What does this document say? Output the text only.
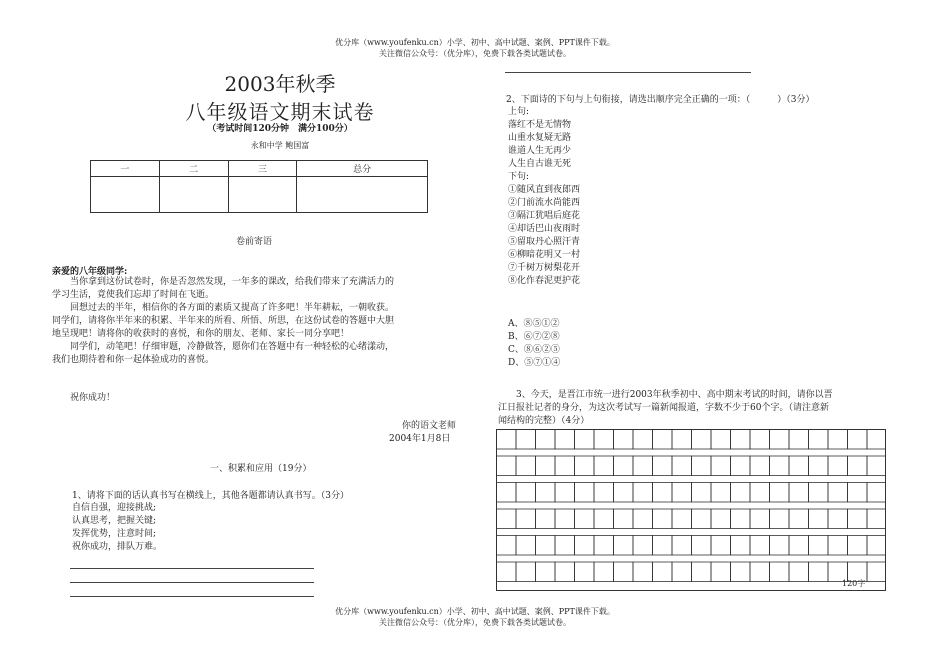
优分库（www.youfenku.cn）小学、初中、高中试题、案例、PPT课件下载。
关注微信公众号：（优分库），免费下载各类试题试卷。
2003年秋季
八年级语文期末试卷
（考试时间120分钟　满分100分）
永和中学 鲍国富
一	二	三	总分

卷前寄语
亲爱的八年级同学:
　　当你拿到这份试卷时，你是否忽然发现，一年多的课改，给我们带来了充满活力的
学习生活，竟使我们忘却了时间在飞逝。
　　回想过去的半年，相信你的各方面的素质又提高了许多吧！半年耕耘，一朝收获。
同学们，请将你半年来的积累、半年来的所看、所悟、所思，在这份试卷的答题中大胆
地呈现吧！请将你的收获时的喜悦，和你的朋友、老师、家长一同分享吧！
　　同学们，动笔吧！仔细审题，冷静做答，愿你们在答题中有一种轻松的心绪漾动，
我们也期待着和你一起体验成功的喜悦。
祝你成功！
你的语文老师
2004年1月8日
一、积累和应用（19分）
1、请将下面的话认真书写在横线上，其他各题都请认真书写。（3分）
自信自强，迎接挑战;
认真思考，把握关键;
发挥优势，注意时间;
祝你成功，排队万难。
2、下面诗的下句与上句衔接，请选出顺序完全正确的一项：（　　　）（3分）
上句:
落红不是无情物
山重水复疑无路
谁道人生无再少
人生自古谁无死
下句:
①随风直到夜郎西
②门前流水尚能西
③隔江犹唱后庭花
④却话巴山夜雨时
⑤留取丹心照汗青
⑥柳暗花明又一村
⑦千树万树梨花开
⑧化作春泥更护花
A、⑧⑤①②
B、⑥⑦②⑧
C、⑧⑥②⑤
D、⑤⑦①④
　　3、今天，是晋江市统一进行2003年秋季初中、高中期末考试的时间，请你以晋
江日报社记者的身分，为这次考试写一篇新闻报道，字数不少于60个字。（请注意新
闻结构的完整）（4分）
120字
优分库（www.youfenku.cn）小学、初中、高中试题、案例、PPT课件下载。
关注微信公众号：（优分库），免费下载各类试题试卷。
